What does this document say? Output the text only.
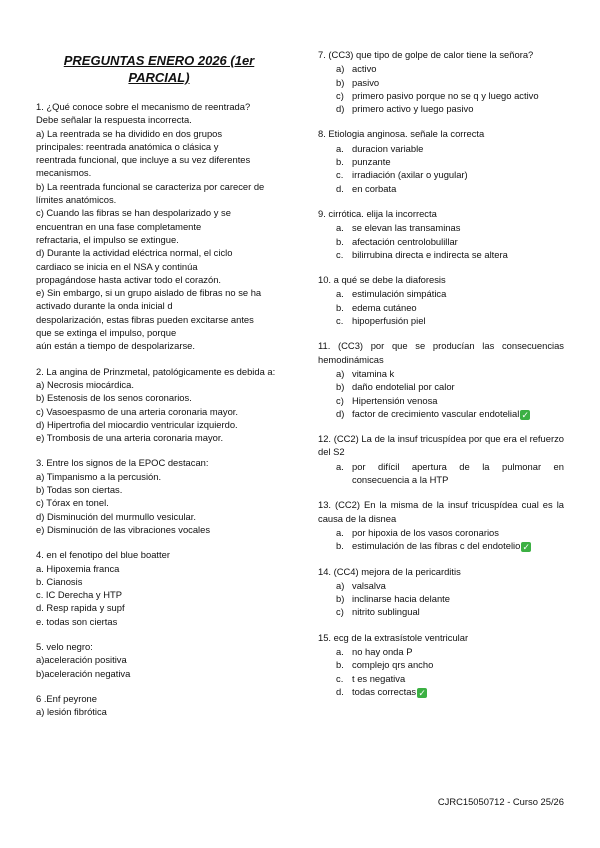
PREGUNTAS ENERO 2026 (1er
PARCIAL)
1. ¿Qué conoce sobre el mecanismo de reentrada?
Debe señalar la respuesta incorrecta.
a) La reentrada se ha dividido en dos grupos
principales: reentrada anatómica o clásica y
reentrada funcional, que incluye a su vez diferentes
mecanismos.
b) La reentrada funcional se caracteriza por carecer de
límites anatómicos.
c) Cuando las fibras se han despolarizado y se
encuentran en una fase completamente
refractaria, el impulso se extingue.
d) Durante la actividad eléctrica normal, el ciclo
cardiaco se inicia en el NSA y continúa
propagándose hasta activar todo el corazón.
e) Sin embargo, si un grupo aislado de fibras no se ha
activado durante la onda inicial d
despolarización, estas fibras pueden excitarse antes
que se extinga el impulso, porque
aún están a tiempo de despolarizarse.
2. La angina de Prinzmetal, patológicamente es debida a:
a) Necrosis miocárdica.
b) Estenosis de los senos coronarios.
c) Vasoespasmo de una arteria coronaria mayor.
d) Hipertrofia del miocardio ventricular izquierdo.
e) Trombosis de una arteria coronaria mayor.
3. Entre los signos de la EPOC destacan:
a) Timpanismo a la percusión.
b) Todas son ciertas.
c) Tórax en tonel.
d) Disminución del murmullo vesicular.
e) Disminución de las vibraciones vocales
4. en el fenotipo del blue boatter
a. Hipoxemia franca
b. Cianosis
c. IC Derecha y HTP
d. Resp rapida y supf
e. todas son ciertas
5. velo negro:
a)aceleración positiva
b)aceleración negativa
6 .Enf peyrone
a) lesión fibrótica
7. (CC3) que tipo de golpe de calor tiene la señora?
a) activo
b) pasivo
c) primero pasivo porque no se q y luego activo
d) primero activo y luego pasivo
8. Etiologia anginosa. señale la correcta
a. duracion variable
b. punzante
c. irradiación (axilar o yugular)
d. en corbata
9. cirrótica. elija la incorrecta
a. se elevan las transaminas
b. afectación centrolobulillar
c. bilirrubina directa e indirecta se altera
10. a qué se debe la diaforesis
a. estimulación simpática
b. edema cutáneo
c. hipoperfusión piel
11. (CC3) por que se producían las consecuencias hemodinámicas
a) vitamina k
b) daño endotelial por calor
c) Hipertensión venosa
d) factor de crecimiento vascular endotelial ✓
12. (CC2) La de la insuf tricuspídea por que era el refuerzo del S2
a. por difícil apertura de la pulmonar en
consecuencia a la HTP
13. (CC2) En la misma de la insuf tricuspídea cual es la causa de la disnea
a. por hipoxia de los vasos coronarios
b. estimulación de las fibras c del endotelio ✓
14. (CC4) mejora de la pericarditis
a) valsalva
b) inclinarse hacia delante
c) nitrito sublingual
15. ecg de la extrasístole ventricular
a. no hay onda P
b. complejo qrs ancho
c. t es negativa
d. todas correctas ✓
CJRC15050712 - Curso 25/26
